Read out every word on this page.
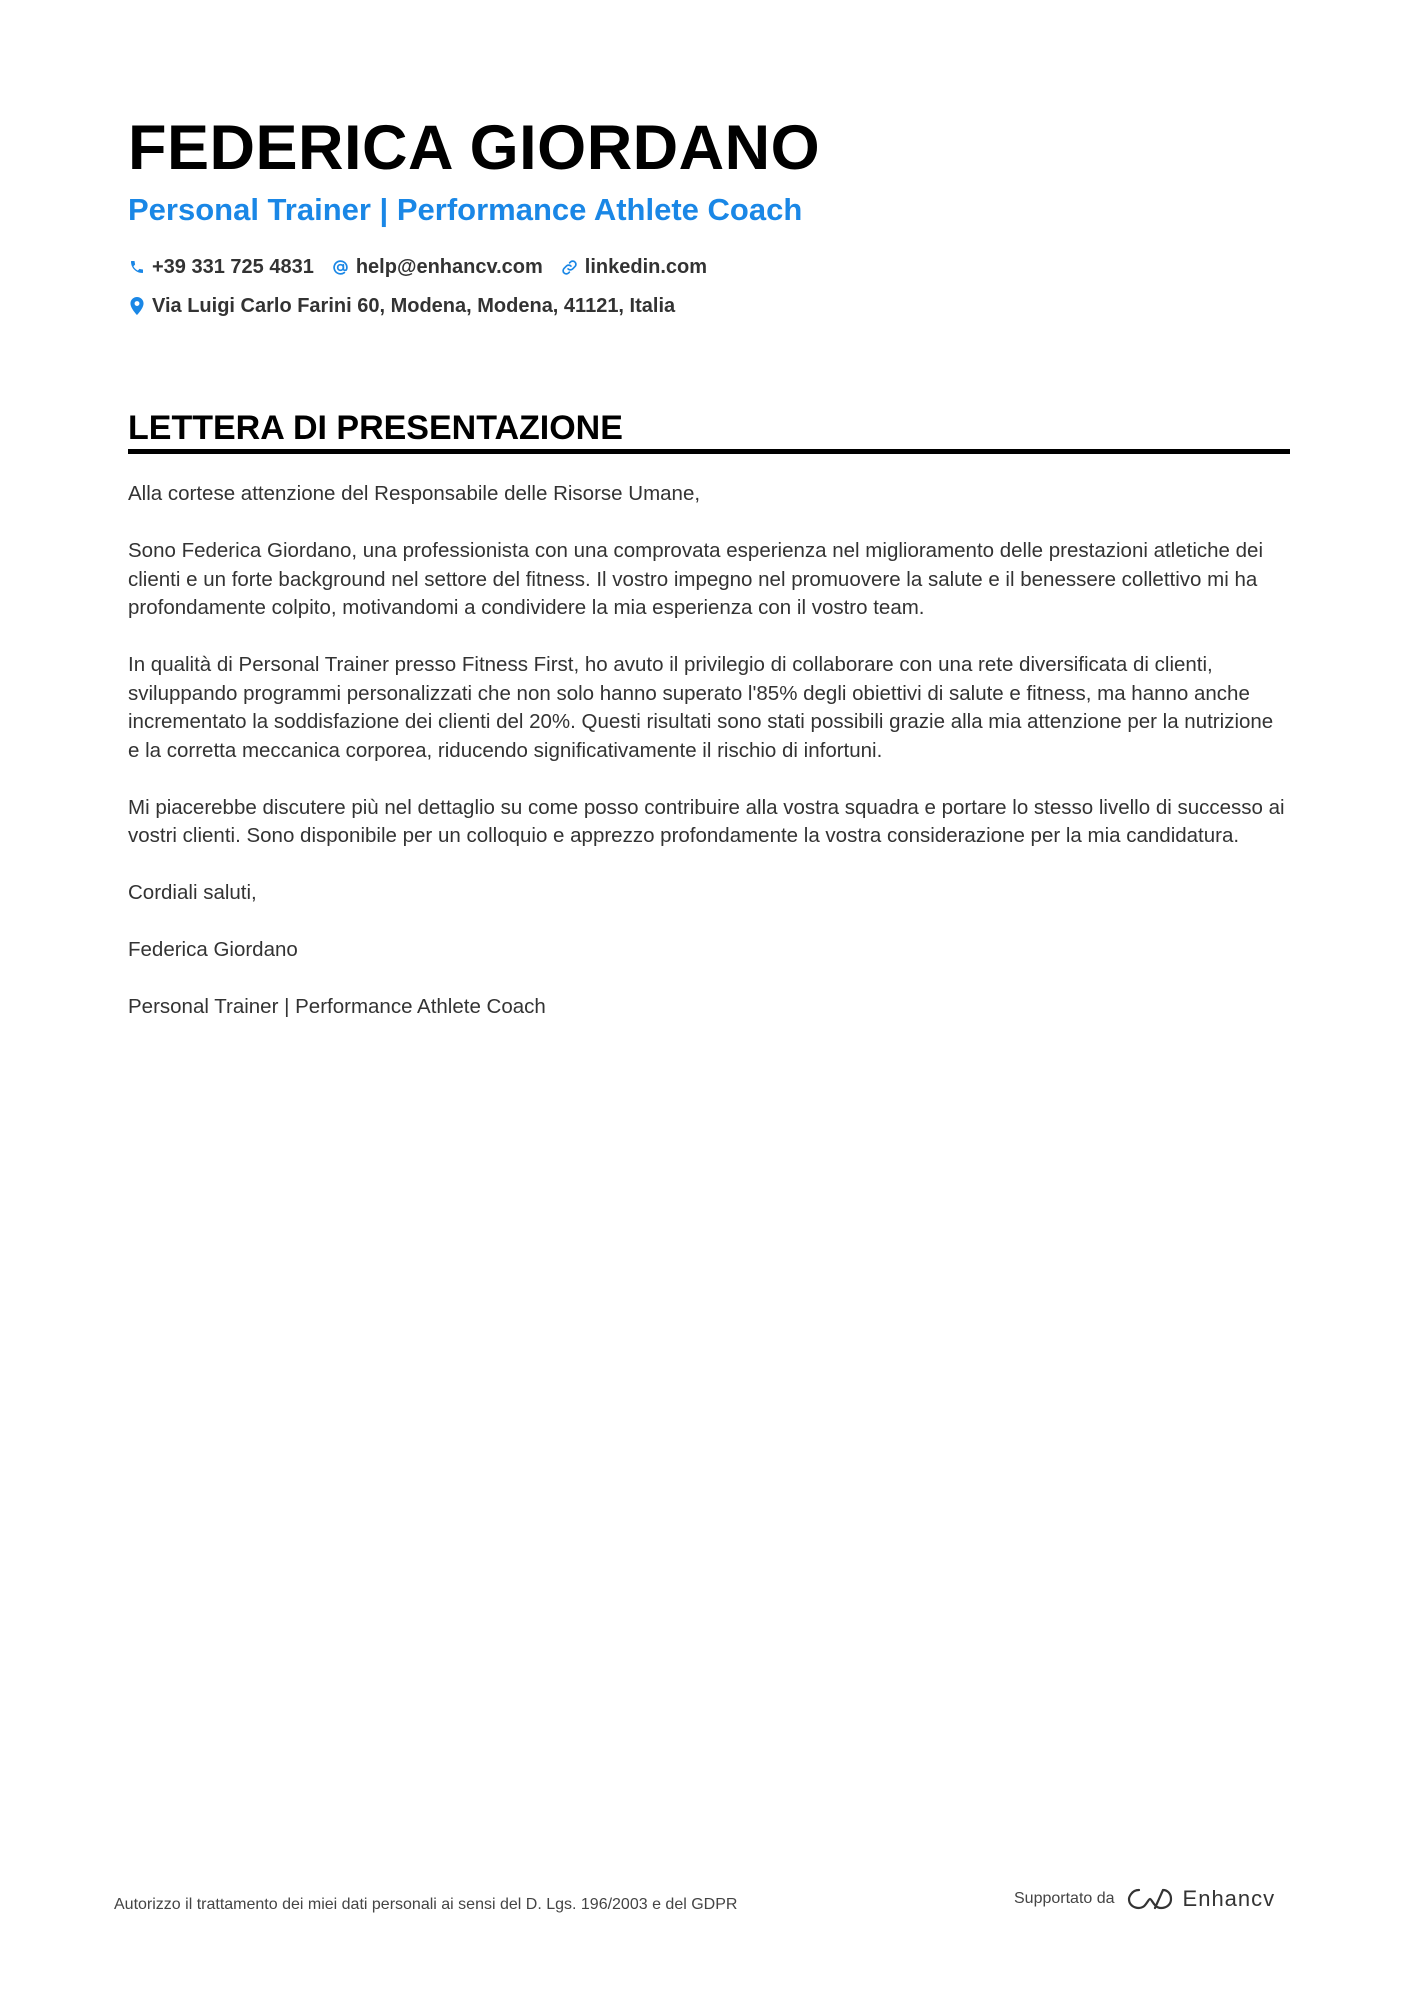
FEDERICA GIORDANO
Personal Trainer | Performance Athlete Coach
+39 331 725 4831 help@enhancv.com linkedin.com
Via Luigi Carlo Farini 60, Modena, Modena, 41121, Italia
LETTERA DI PRESENTAZIONE

Alla cortese attenzione del Responsabile delle Risorse Umane,

Sono Federica Giordano, una professionista con una comprovata esperienza nel miglioramento delle prestazioni atletiche dei clienti e un forte background nel settore del fitness. Il vostro impegno nel promuovere la salute e il benessere collettivo mi ha profondamente colpito, motivandomi a condividere la mia esperienza con il vostro team.

In qualità di Personal Trainer presso Fitness First, ho avuto il privilegio di collaborare con una rete diversificata di clienti, sviluppando programmi personalizzati che non solo hanno superato l'85% degli obiettivi di salute e fitness, ma hanno anche incrementato la soddisfazione dei clienti del 20%. Questi risultati sono stati possibili grazie alla mia attenzione per la nutrizione e la corretta meccanica corporea, riducendo significativamente il rischio di infortuni.

Mi piacerebbe discutere più nel dettaglio su come posso contribuire alla vostra squadra e portare lo stesso livello di successo ai vostri clienti. Sono disponibile per un colloquio e apprezzo profondamente la vostra considerazione per la mia candidatura.

Cordiali saluti,

Federica Giordano

Personal Trainer | Performance Athlete Coach

Autorizzo il trattamento dei miei dati personali ai sensi del D. Lgs. 196/2003 e del GDPR	Supportato da	Enhancv
